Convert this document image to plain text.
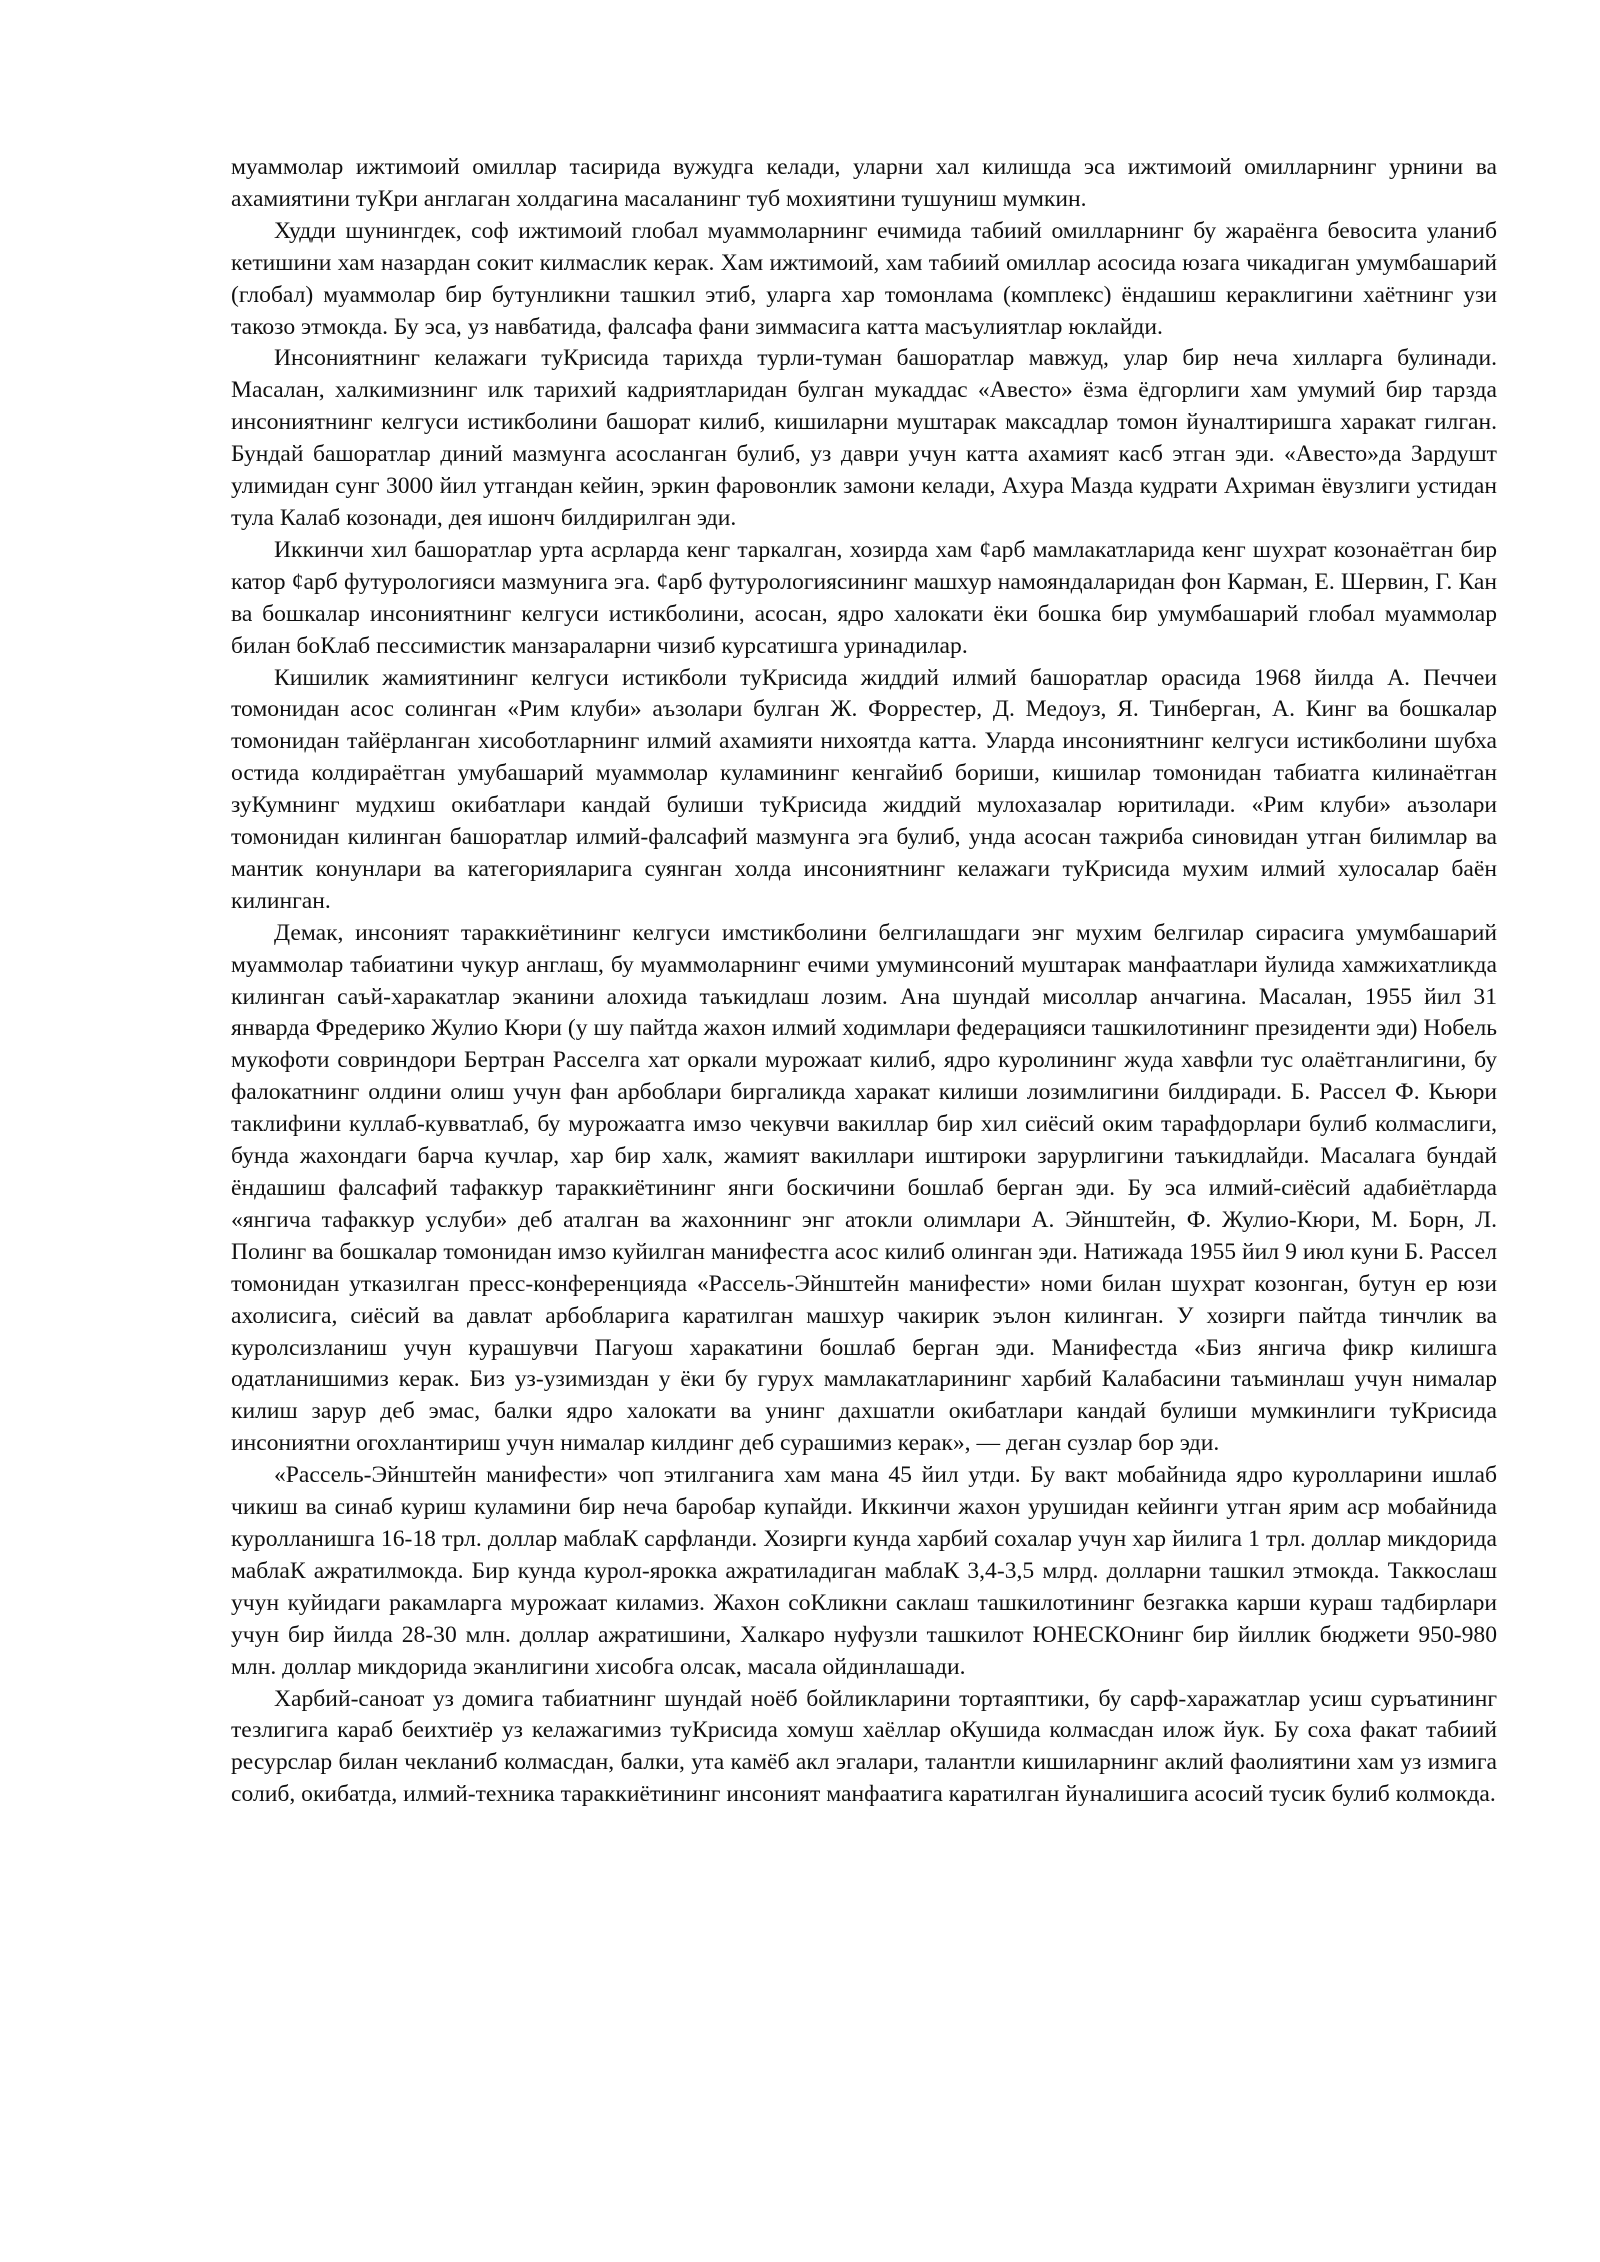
муаммолар ижтимоий омиллар тасирида вужудга келади, уларни хал килишда эса ижтимоий омилларнинг урнини ва ахамиятини туКри англаган холдагина масаланинг туб мохиятини тушуниш мумкин.

Худди шунингдек, соф ижтимоий глобал муаммоларнинг ечимида табиий омилларнинг бу жараёнга бевосита уланиб кетишини хам назардан сокит килмаслик керак. Хам ижтимоий, хам табиий омиллар асосида юзага чикадиган умумбашарий (глобал) муаммолар бир бутунликни ташкил этиб, уларга хар томонлама (комплекс) ёндашиш кераклигини хаётнинг узи такозо этмокда. Бу эса, уз навбатида, фалсафа фани зиммасига катта масъулиятлар юклайди.

Инсониятнинг келажаги туКрисида тарихда турли-туман башоратлар мавжуд, улар бир неча хилларга булинади. Масалан, халкимизнинг илк тарихий кадриятларидан булган мукаддас «Авесто» ёзма ёдгорлиги хам умумий бир тарзда инсониятнинг келгуси истикболини башорат килиб, кишиларни муштарак максадлар томон йуналтиришга харакат гилган. Бундай башоратлар диний мазмунга асосланган булиб, уз даври учун катта ахамият касб этган эди. «Авесто»да Зардушт улимидан сунг 3000 йил утгандан кейин, эркин фаровонлик замони келади, Ахура Мазда кудрати Ахриман ёвузлиги устидан тула Калаб козонади, дея ишонч билдирилган эди.

Иккинчи хил башоратлар урта асрларда кенг таркалган, хозирда хам ¢арб мамлакатларида кенг шухрат козонаётган бир катор ¢арб футурологияси мазмунига эга. ¢арб футурологиясининг машхур намояндаларидан фон Карман, Е. Шервин, Г. Кан ва бошкалар инсониятнинг келгуси истикболини, асосан, ядро халокати ёки бошка бир умумбашарий глобал муаммолар билан боКлаб пессимистик манзараларни чизиб курсатишга уринадилар.

Кишилик жамиятининг келгуси истикболи туКрисида жиддий илмий башоратлар орасида 1968 йилда А. Печчеи томонидан асос солинган «Рим клуби» аъзолари булган Ж. Форрестер, Д. Медоуз, Я. Тинберган, А. Кинг ва бошкалар томонидан тайёрланган хисоботларнинг илмий ахамияти нихоятда катта. Уларда инсониятнинг келгуси истикболини шубха остида колдираётган умубашарий муаммолар куламининг кенгайиб бориши, кишилар томонидан табиатга килинаётган зуКумнинг мудхиш окибатлари кандай булиши туКрисида жиддий мулохазалар юритилади. «Рим клуби» аъзолари томонидан килинган башоратлар илмий-фалсафий мазмунга эга булиб, унда асосан тажриба синовидан утган билимлар ва мантик конунлари ва категорияларига суянган холда инсониятнинг келажаги туКрисида мухим илмий хулосалар баён килинган.

Демак, инсоният тараккиётининг келгуси имстикболини белгилашдаги энг мухим белгилар сирасига умумбашарий муаммолар табиатини чукур англаш, бу муаммоларнинг ечими умуминсоний муштарак манфаатлари йулида хамжихатликда килинган саъй-харакатлар эканини алохида таъкидлаш лозим. Ана шундай мисоллар анчагина. Масалан, 1955 йил 31 январда Фредерико Жулио Кюри (у шу пайтда жахон илмий ходимлари федерацияси ташкилотининг президенти эди) Нобель мукофоти совриндори Бертран Расселга хат оркали мурожаат килиб, ядро куролининг жуда хавфли тус олаётганлигини, бу фалокатнинг олдини олиш учун фан арбоблари биргаликда харакат килиши лозимлигини билдиради. Б. Рассел Ф. Кьюри таклифини куллаб-кувватлаб, бу мурожаатга имзо чекувчи вакиллар бир хил сиёсий оким тарафдорлари булиб колмаслиги, бунда жахондаги барча кучлар, хар бир халк, жамият вакиллари иштироки зарурлигини таъкидлайди. Масалага бундай ёндашиш фалсафий тафаккур тараккиётининг янги боскичини бошлаб берган эди. Бу эса илмий-сиёсий адабиётларда «янгича тафаккур услуби» деб аталган ва жахоннинг энг атокли олимлари А. Эйнштейн, Ф. Жулио-Кюри, М. Борн, Л. Полинг ва бошкалар томонидан имзо куйилган манифестга асос килиб олинган эди. Натижада 1955 йил 9 июл куни Б. Рассел томонидан утказилган пресс-конференцияда «Рассель-Эйнштейн манифести» номи билан шухрат козонган, бутун ер юзи ахолисига, сиёсий ва давлат арбобларига каратилган машхур чакирик эълон килинган. У хозирги пайтда тинчлик ва куролсизланиш учун курашувчи Пагуош харакатини бошлаб берган эди. Манифестда «Биз янгича фикр килишга одатланишимиз керак. Биз уз-узимиздан у ёки бу гурух мамлакатларининг харбий Калабасини таъминлаш учун нималар килиш зарур деб эмас, балки ядро халокати ва унинг дахшатли окибатлари кандай булиши мумкинлиги туКрисида инсониятни огохлантириш учун нималар килдинг деб сурашимиз керак», — деган сузлар бор эди.

«Рассель-Эйнштейн манифести» чоп этилганига хам мана 45 йил утди. Бу вакт мобайнида ядро куролларини ишлаб чикиш ва синаб куриш куламини бир неча баробар купайди. Иккинчи жахон урушидан кейинги утган ярим аср мобайнида куролланишга 16-18 трл. доллар маблаК сарфланди. Хозирги кунда харбий сохалар учун хар йилига 1 трл. доллар микдорида маблаК ажратилмокда. Бир кунда курол-ярокка ажратиладиган маблаК 3,4-3,5 млрд. долларни ташкил этмокда. Таккослаш учун куйидаги ракамларга мурожаат киламиз. Жахон соКликни саклаш ташкилотининг безгакка карши кураш тадбирлари учун бир йилда 28-30 млн. доллар ажратишини, Халкаро нуфузли ташкилот ЮНЕСКОнинг бир йиллик бюджети 950-980 млн. доллар микдорида эканлигини хисобга олсак, масала ойдинлашади.

Харбий-саноат уз домига табиатнинг шундай ноёб бойликларини тортаяптики, бу сарф-харажатлар усиш суръатининг тезлигига караб беихтиёр уз келажагимиз туКрисида хомуш хаёллар оКушида колмасдан илож йук. Бу соха факат табиий ресурслар билан чекланиб колмасдан, балки, ута камёб акл эгалари, талантли кишиларнинг аклий фаолиятини хам уз измига солиб, окибатда, илмий-техника тараккиётининг инсоният манфаатига каратилган йуналишига асосий тусик булиб колмокда.
